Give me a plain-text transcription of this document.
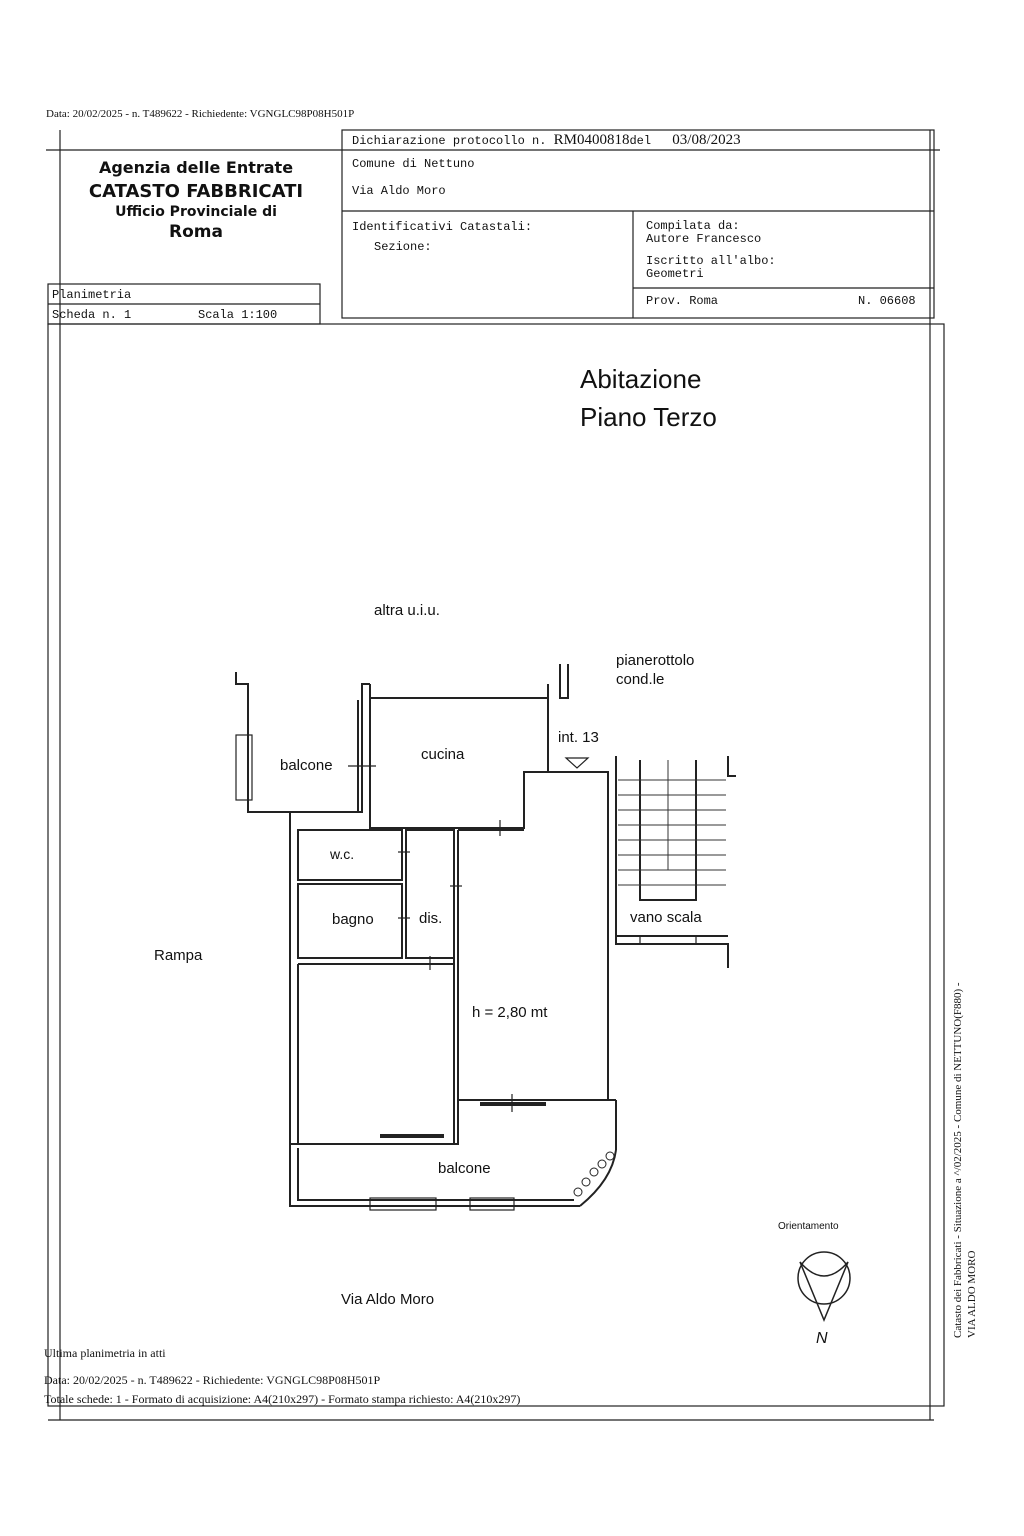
Data: 20/02/2025 - n. T489622 - Richiedente: VGNGLC98P08H501P
Agenzia delle Entrate
CATASTO FABBRICATI
Ufficio Provinciale di
Roma
Dichiarazione protocollo n. RM0400818del 03/08/2023
Comune di Nettuno
Via Aldo Moro
Identificativi Catastali:
Sezione:
Compilata da:
Autore Francesco
Iscritto all'albo:
Geometri
Prov. Roma	N. 06608
Planimetria
Scheda n. 1	Scala 1:100
Abitazione
Piano Terzo
altra u.i.u.
pianerottolo
cond.le
int. 13
balcone
cucina
w.c.
bagno	dis.	vano scala
Rampa
h = 2,80 mt
balcone
Via Aldo Moro
Orientamento
N
Catasto dei Fabbricati - Situazione a ^/02/2025 - Comune di NETTUNO(F880) - VIA ALDO MORO
Ultima planimetria in atti
Data: 20/02/2025 - n. T489622 - Richiedente: VGNGLC98P08H501P
Totale schede: 1 - Formato di acquisizione: A4(210x297) - Formato stampa richiesto: A4(210x297)
